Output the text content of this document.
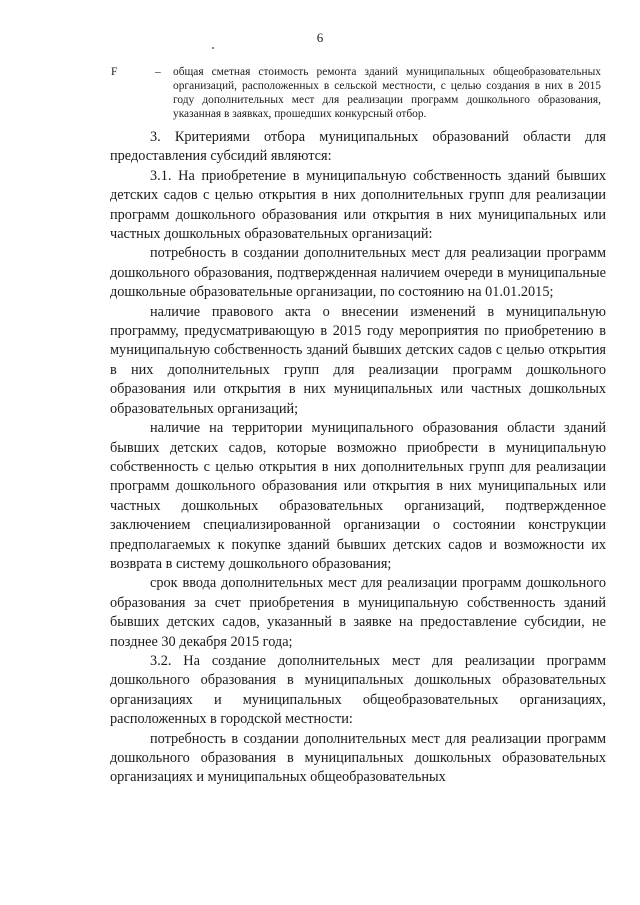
6
F	– общая сметная стоимость ремонта зданий муниципальных общеобразовательных организаций, расположенных в сельской местности, с целью создания в них в 2015 году дополнительных мест для реализации программ дошкольного образования, указанная в заявках, прошедших конкурсный отбор.

3. Критериями отбора муниципальных образований области для предоставления субсидий являются:

3.1. На приобретение в муниципальную собственность зданий бывших детских садов с целью открытия в них дополнительных групп для реализации программ дошкольного образования или открытия в них муниципальных или частных дошкольных образовательных организаций:

потребность в создании дополнительных мест для реализации программ дошкольного образования, подтвержденная наличием очереди в муниципальные дошкольные образовательные организации, по состоянию на 01.01.2015;

наличие правового акта о внесении изменений в муниципальную программу, предусматривающую в 2015 году мероприятия по приобретению в муниципальную собственность зданий бывших детских садов с целью открытия в них дополнительных групп для реализации программ дошкольного образования или открытия в них муниципальных или частных дошкольных образовательных организаций;

наличие на территории муниципального образования области зданий бывших детских садов, которые возможно приобрести в муниципальную собственность с целью открытия в них дополнительных групп для реализации программ дошкольного образования или открытия в них муниципальных или частных дошкольных образовательных организаций, подтвержденное заключением специализированной организации о состоянии конструкции предполагаемых к покупке зданий бывших детских садов и возможности их возврата в систему дошкольного образования;

срок ввода дополнительных мест для реализации программ дошкольного образования за счет приобретения в муниципальную собственность зданий бывших детских садов, указанный в заявке на предоставление субсидии, не позднее 30 декабря 2015 года;

3.2. На создание дополнительных мест для реализации программ дошкольного образования в муниципальных дошкольных образовательных организациях и муниципальных общеобразовательных организациях, расположенных в городской местности:

потребность в создании дополнительных мест для реализации программ дошкольного образования в муниципальных дошкольных образовательных организациях и муниципальных общеобразовательных
